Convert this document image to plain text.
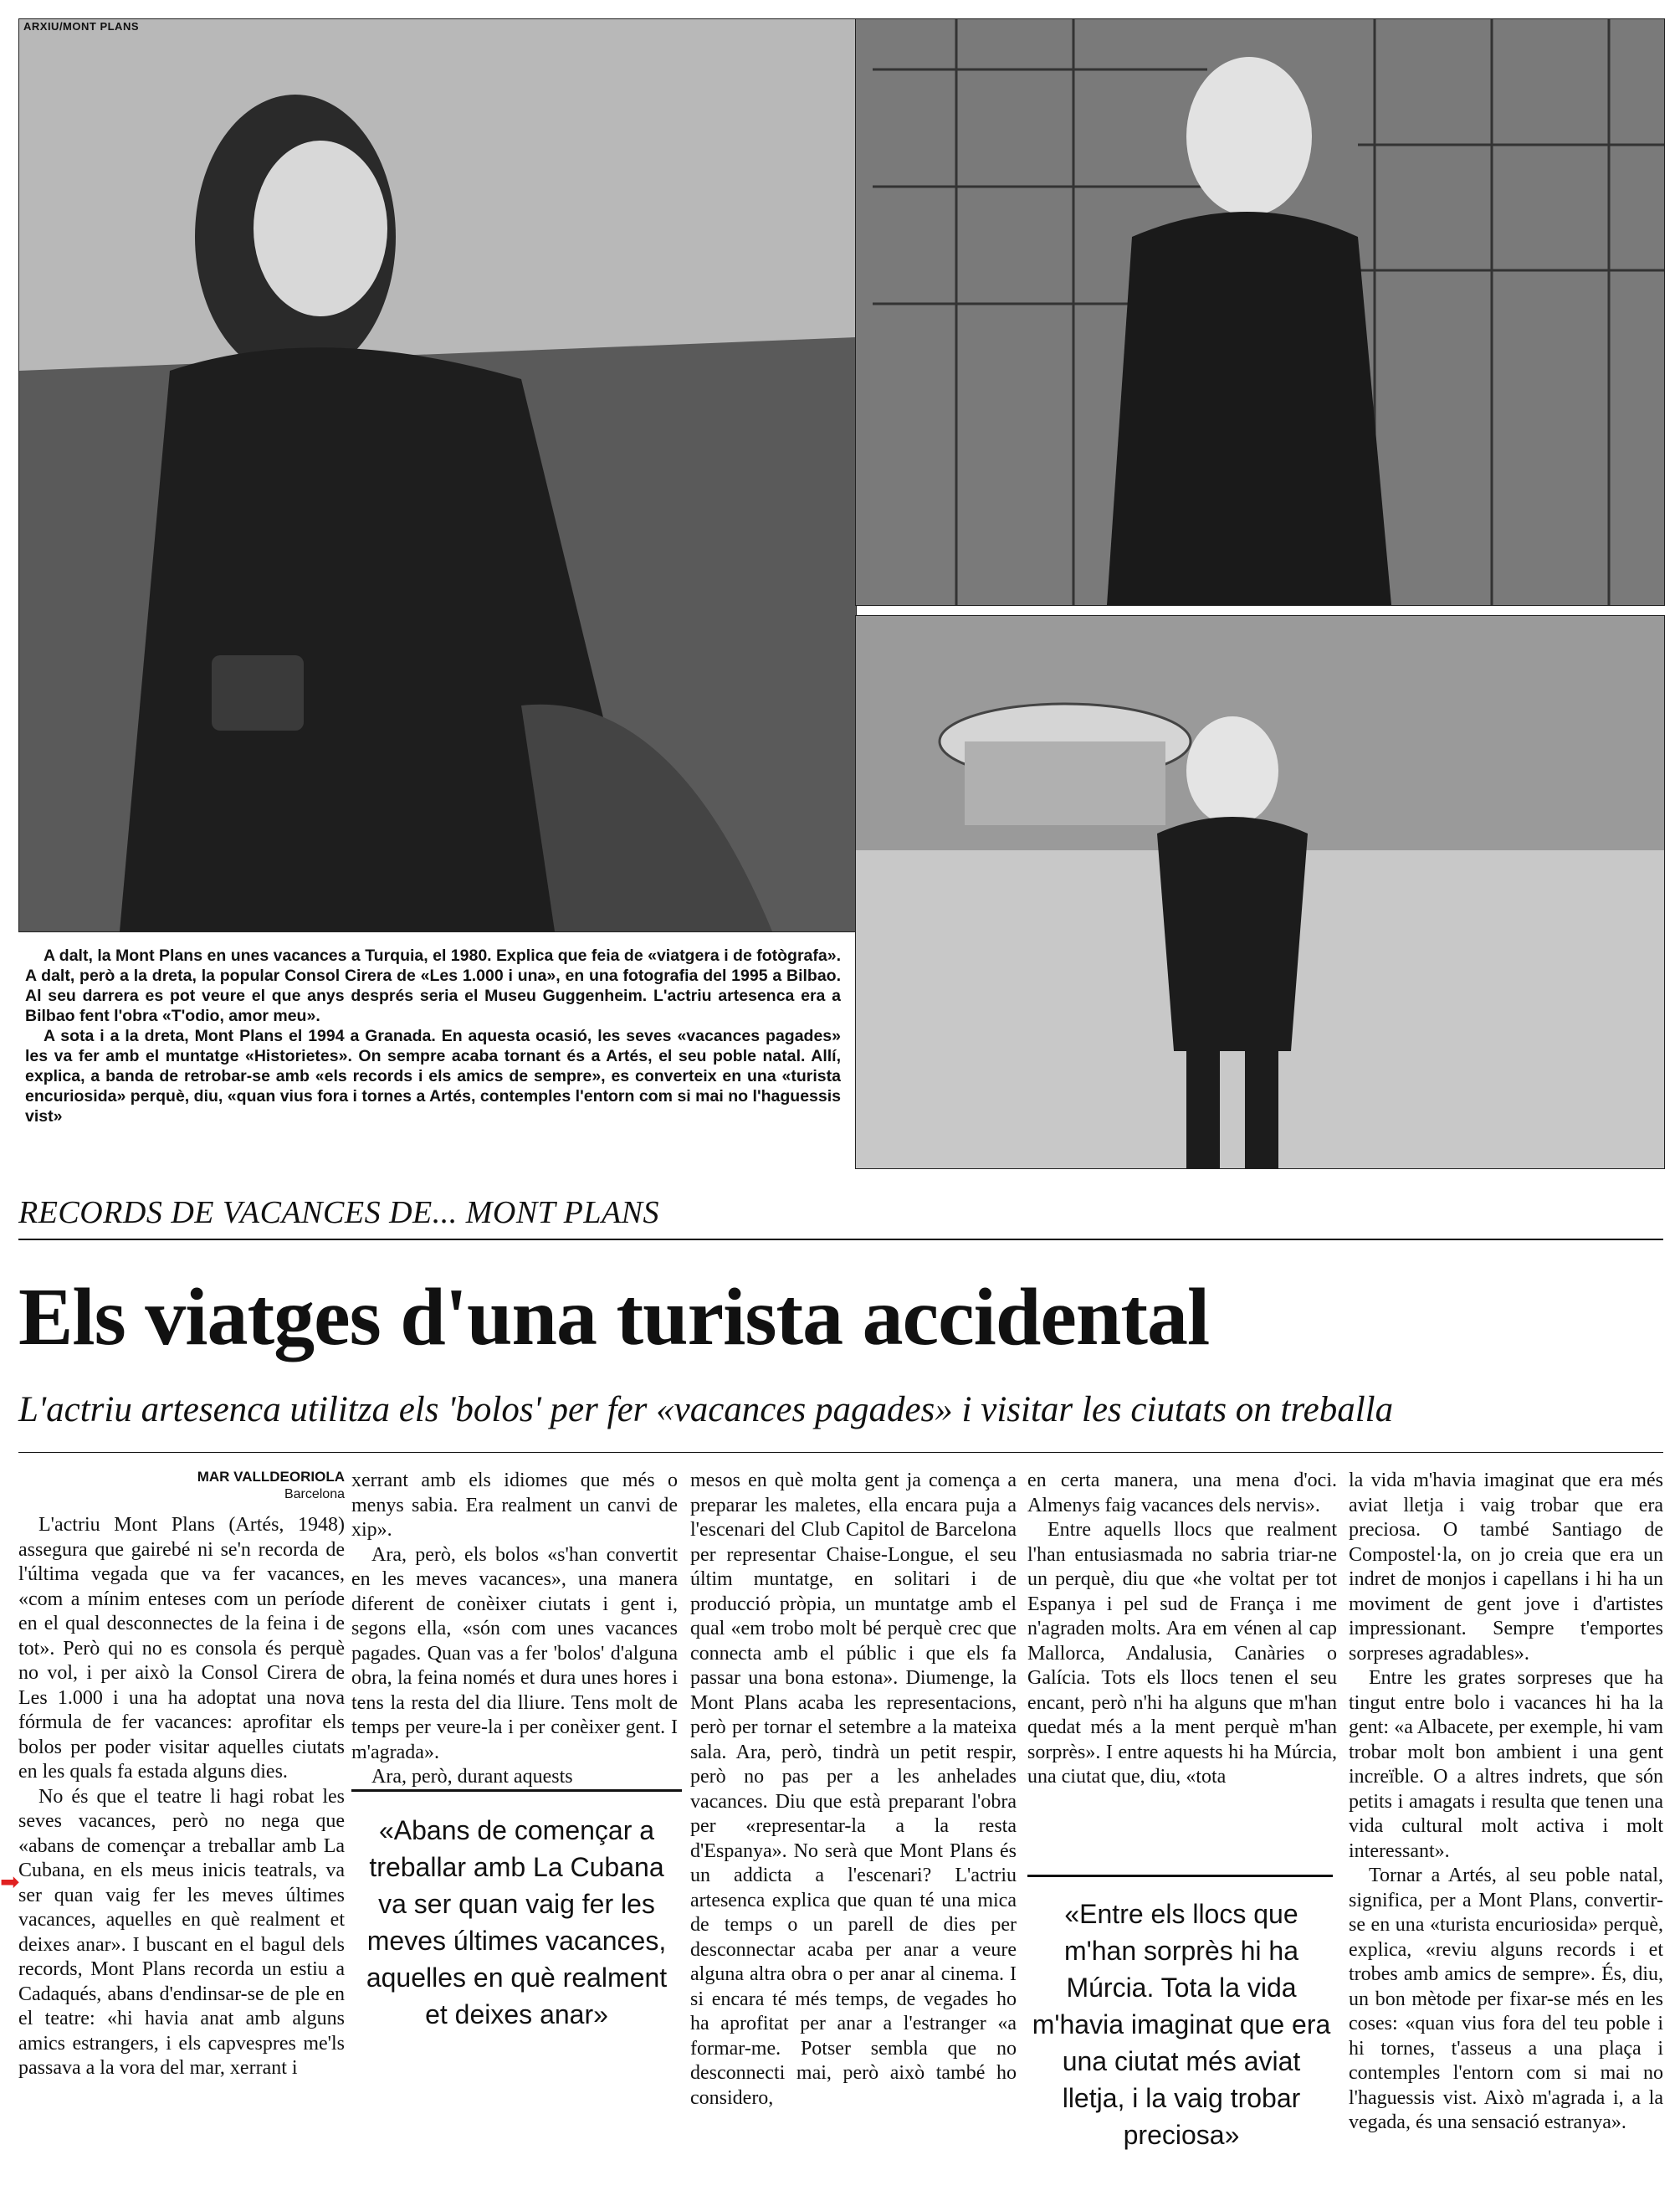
ARXIU/MONT PLANS

A dalt, la Mont Plans en unes vacances a Turquia, el 1980. Explica que feia de «viatgera i de fotògrafa». A dalt, però a la dreta, la popular Consol Cirera de «Les 1.000 i una», en una fotografia del 1995 a Bilbao. Al seu darrera es pot veure el que anys després seria el Museu Guggenheim. L'actriu artesenca era a Bilbao fent l'obra «T'odio, amor meu».

A sota i a la dreta, Mont Plans el 1994 a Granada. En aquesta ocasió, les seves «vacances pagades» les va fer amb el muntatge «Historietes». On sempre acaba tornant és a Artés, el seu poble natal. Allí, explica, a banda de retrobar-se amb «els records i els amics de sempre», es converteix en una «turista encuriosida» perquè, diu, «quan vius fora i tornes a Artés, contemples l'entorn com si mai no l'haguessis vist»

RECORDS DE VACANCES DE... MONT PLANS
Els viatges d'una turista accidental
L'actriu artesenca utilitza els 'bolos' per fer «vacances pagades» i visitar les ciutats on treballa
MAR VALLDEORIOLA
Barcelona

L'actriu Mont Plans (Artés, 1948) assegura que gairebé ni se'n recorda de l'última vegada que va fer vacances, «com a mínim enteses com un període en el qual desconnectes de la feina i de tot». Però qui no es consola és perquè no vol, i per això la Consol Cirera de Les 1.000 i una ha adoptat una nova fórmula de fer vacances: aprofitar els bolos per poder visitar aquelles ciutats en les quals fa estada alguns dies.

No és que el teatre li hagi robat les seves vacances, però no nega que «abans de començar a treballar amb La Cubana, en els meus inicis teatrals, va ser quan vaig fer les meves últimes vacances, aquelles en què realment et deixes anar». I buscant en el bagul dels records, Mont Plans recorda un estiu a Cadaqués, abans d'endinsar-se de ple en el teatre: «hi havia anat amb alguns amics estrangers, i els capvespres me'ls passava a la vora del mar, xerrant i

➡

xerrant amb els idiomes que més o menys sabia. Era realment un canvi de xip».

Ara, però, els bolos «s'han convertit en les meves vacances», una manera diferent de conèixer ciutats i gent i, segons ella, «són com unes vacances pagades. Quan vas a fer 'bolos' d'alguna obra, la feina només et dura unes hores i tens la resta del dia lliure. Tens molt de temps per veure-la i per conèixer gent. I m'agrada».

Ara, però, durant aquests

«Abans de començar a treballar amb La Cubana va ser quan vaig fer les meves últimes vacances, aquelles en què realment et deixes anar»

mesos en què molta gent ja comença a preparar les maletes, ella encara puja a l'escenari del Club Capitol de Barcelona per representar Chaise-Longue, el seu últim muntatge, en solitari i de producció pròpia, un muntatge amb el qual «em trobo molt bé perquè crec que connecta amb el públic i que els fa passar una bona estona». Diumenge, la Mont Plans acaba les representacions, però per tornar el setembre a la mateixa sala. Ara, però, tindrà un petit respir, però no pas per a les anhelades vacances. Diu que està preparant l'obra per «representar-la a la resta d'Espanya». No serà que Mont Plans és un addicta a l'escenari? L'actriu artesenca explica que quan té una mica de temps o un parell de dies per desconnectar acaba per anar a veure alguna altra obra o per anar al cinema. I si encara té més temps, de vegades ho ha aprofitat per anar a l'estranger «a formar-me. Potser sembla que no desconnecti mai, però això també ho considero,

en certa manera, una mena d'oci. Almenys faig vacances dels nervis».

Entre aquells llocs que realment l'han entusiasmada no sabria triar-ne un perquè, diu que «he voltat per tot Espanya i pel sud de França i me n'agraden molts. Ara em vénen al cap Mallorca, Andalusia, Canàries o Galícia. Tots els llocs tenen el seu encant, però n'hi ha alguns que m'han quedat més a la ment perquè m'han sorprès». I entre aquests hi ha Múrcia, una ciutat que, diu, «tota

«Entre els llocs que m'han sorprès hi ha Múrcia. Tota la vida m'havia imaginat que era una ciutat més aviat lletja, i la vaig trobar preciosa»

la vida m'havia imaginat que era més aviat lletja i vaig trobar que era preciosa. O també Santiago de Compostel·la, on jo creia que era un indret de monjos i capellans i hi ha un moviment de gent jove i d'artistes impressionant. Sempre t'emportes sorpreses agradables».

Entre les grates sorpreses que ha tingut entre bolo i vacances hi ha la gent: «a Albacete, per exemple, hi vam trobar molt bon ambient i una gent increïble. O a altres indrets, que són petits i amagats i resulta que tenen una vida cultural molt activa i molt interessant».

Tornar a Artés, al seu poble natal, significa, per a Mont Plans, convertir-se en una «turista encuriosida» perquè, explica, «reviu alguns records i et trobes amb amics de sempre». És, diu, un bon mètode per fixar-se més en les coses: «quan vius fora del teu poble i hi tornes, t'asseus a una plaça i contemples l'entorn com si mai no l'haguessis vist. Això m'agrada i, a la vegada, és una sensació estranya».
